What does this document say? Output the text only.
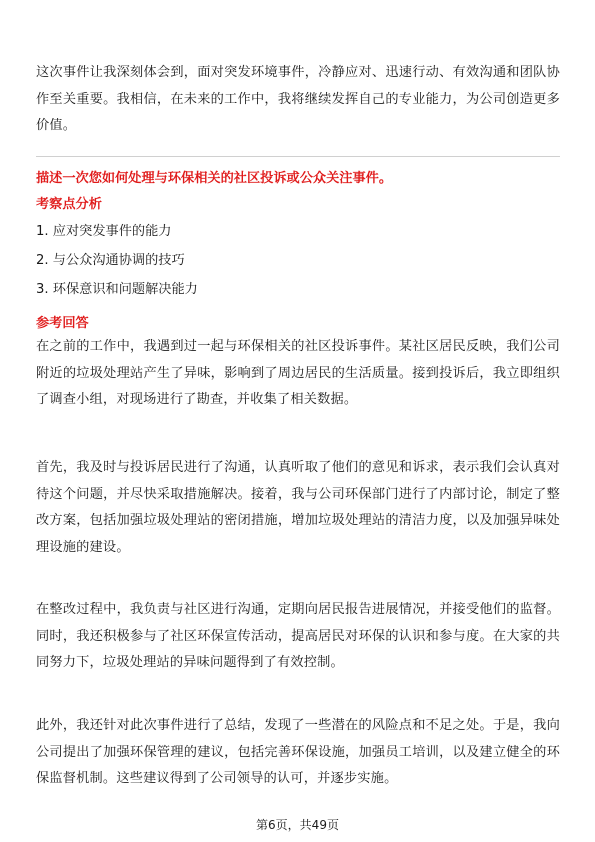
这次事件让我深刻体会到，面对突发环境事件，冷静应对、迅速行动、有效沟通和团队协作至关重要。我相信，在未来的工作中，我将继续发挥自己的专业能力，为公司创造更多价值。

描述一次您如何处理与环保相关的社区投诉或公众关注事件。
考察点分析
1. 应对突发事件的能力
2. 与公众沟通协调的技巧
3. 环保意识和问题解决能力
参考回答

在之前的工作中，我遇到过一起与环保相关的社区投诉事件。某社区居民反映，我们公司附近的垃圾处理站产生了异味，影响到了周边居民的生活质量。接到投诉后，我立即组织了调查小组，对现场进行了勘查，并收集了相关数据。

首先，我及时与投诉居民进行了沟通，认真听取了他们的意见和诉求，表示我们会认真对待这个问题，并尽快采取措施解决。接着，我与公司环保部门进行了内部讨论，制定了整改方案，包括加强垃圾处理站的密闭措施，增加垃圾处理站的清洁力度，以及加强异味处理设施的建设。

在整改过程中，我负责与社区进行沟通，定期向居民报告进展情况，并接受他们的监督。同时，我还积极参与了社区环保宣传活动，提高居民对环保的认识和参与度。在大家的共同努力下，垃圾处理站的异味问题得到了有效控制。

此外，我还针对此次事件进行了总结，发现了一些潜在的风险点和不足之处。于是，我向公司提出了加强环保管理的建议，包括完善环保设施，加强员工培训，以及建立健全的环保监督机制。这些建议得到了公司领导的认可，并逐步实施。

第6页，共49页
